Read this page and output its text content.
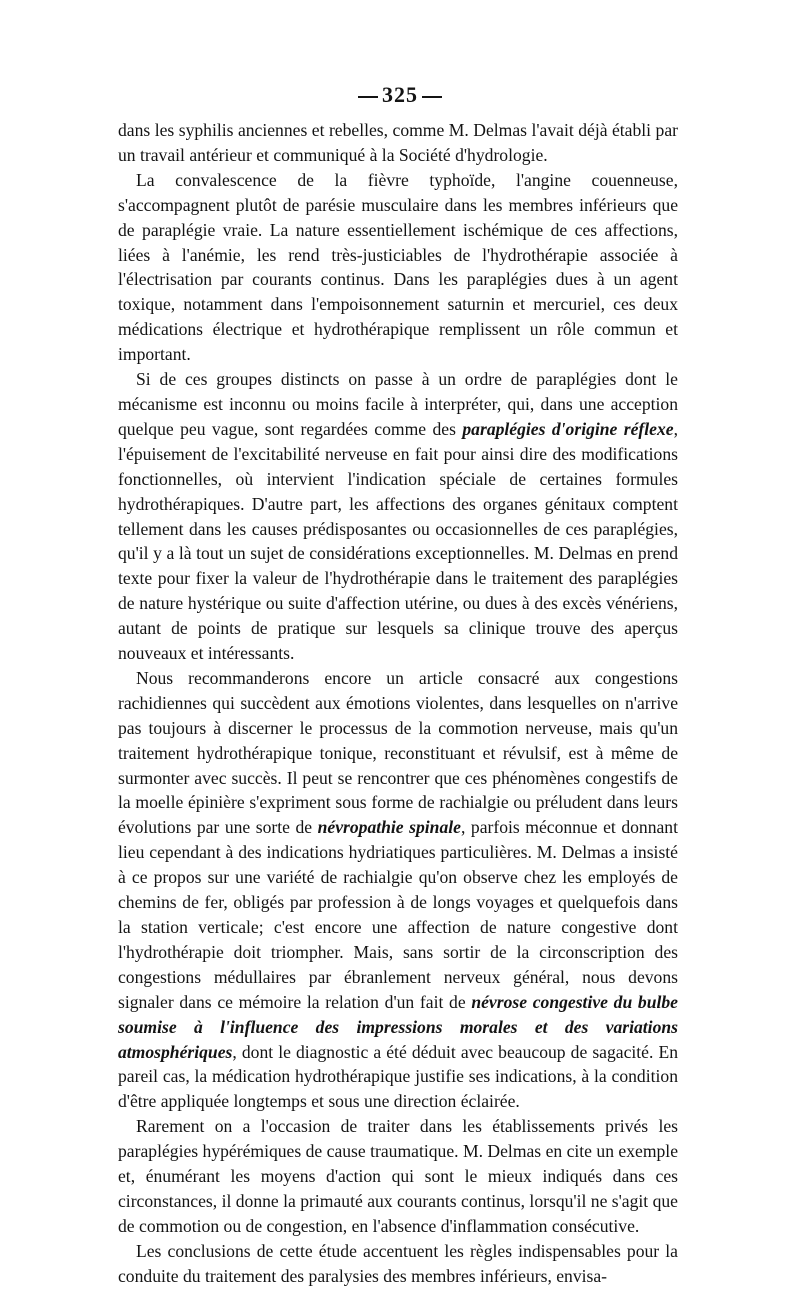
325

dans les syphilis anciennes et rebelles, comme M. Delmas l'avait déjà établi par un travail antérieur et communiqué à la Société d'hydrologie.

La convalescence de la fièvre typhoïde, l'angine couenneuse, s'accompagnent plutôt de parésie musculaire dans les membres inférieurs que de paraplégie vraie. La nature essentiellement ischémique de ces affections, liées à l'anémie, les rend très-justiciables de l'hydrothérapie associée à l'électrisation par courants continus. Dans les paraplégies dues à un agent toxique, notamment dans l'empoisonnement saturnin et mercuriel, ces deux médications électrique et hydrothérapique remplissent un rôle commun et important.

Si de ces groupes distincts on passe à un ordre de paraplégies dont le mécanisme est inconnu ou moins facile à interpréter, qui, dans une acception quelque peu vague, sont regardées comme des paraplégies d'origine réflexe, l'épuisement de l'excitabilité nerveuse en fait pour ainsi dire des modifications fonctionnelles, où intervient l'indication spéciale de certaines formules hydrothérapiques. D'autre part, les affections des organes génitaux comptent tellement dans les causes prédisposantes ou occasionnelles de ces paraplégies, qu'il y a là tout un sujet de considérations exceptionnelles. M. Delmas en prend texte pour fixer la valeur de l'hydrothérapie dans le traitement des paraplégies de nature hystérique ou suite d'affection utérine, ou dues à des excès vénériens, autant de points de pratique sur lesquels sa clinique trouve des aperçus nouveaux et intéressants.

Nous recommanderons encore un article consacré aux congestions rachidiennes qui succèdent aux émotions violentes, dans lesquelles on n'arrive pas toujours à discerner le processus de la commotion nerveuse, mais qu'un traitement hydrothérapique tonique, reconstituant et révulsif, est à même de surmonter avec succès. Il peut se rencontrer que ces phénomènes congestifs de la moelle épinière s'expriment sous forme de rachialgie ou préludent dans leurs évolutions par une sorte de névropathie spinale, parfois méconnue et donnant lieu cependant à des indications hydriatiques particulières. M. Delmas a insisté à ce propos sur une variété de rachialgie qu'on observe chez les employés de chemins de fer, obligés par profession à de longs voyages et quelquefois dans la station verticale; c'est encore une affection de nature congestive dont l'hydrothérapie doit triompher. Mais, sans sortir de la circonscription des congestions médullaires par ébranlement nerveux général, nous devons signaler dans ce mémoire la relation d'un fait de névrose congestive du bulbe soumise à l'influence des impressions morales et des variations atmosphériques, dont le diagnostic a été déduit avec beaucoup de sagacité. En pareil cas, la médication hydrothérapique justifie ses indications, à la condition d'être appliquée longtemps et sous une direction éclairée.

Rarement on a l'occasion de traiter dans les établissements privés les paraplégies hypérémiques de cause traumatique. M. Delmas en cite un exemple et, énumérant les moyens d'action qui sont le mieux indiqués dans ces circonstances, il donne la primauté aux courants continus, lorsqu'il ne s'agit que de commotion ou de congestion, en l'absence d'inflammation consécutive.

Les conclusions de cette étude accentuent les règles indispensables pour la conduite du traitement des paralysies des membres inférieurs, envisa-
